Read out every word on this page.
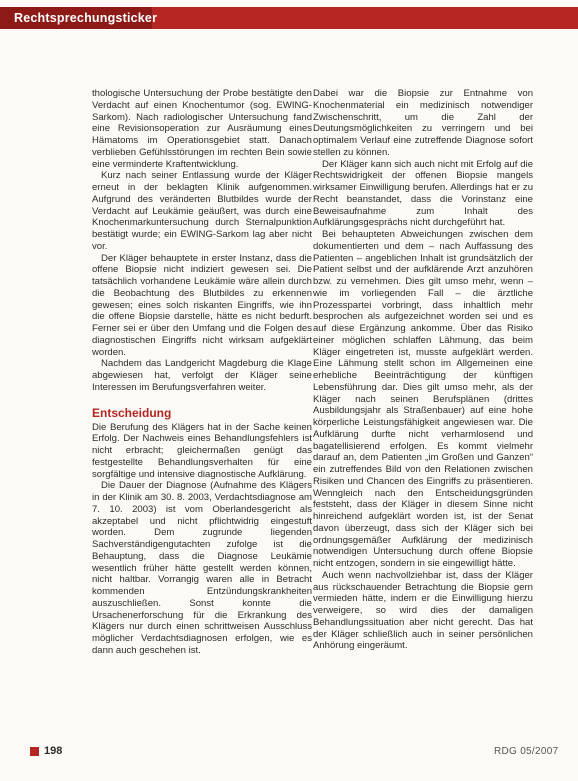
Rechtsprechungsticker

thologische Untersuchung der Probe bestätigte den Verdacht auf einen Knochentumor (sog. EWING-Sarkom). Nach radiologischer Untersuchung fand eine Revisionsoperation zur Ausräumung eines Hämatoms im Operationsgebiet statt. Danach verblieben Gefühlsstörungen im rechten Bein sowie eine verminderte Kraftentwicklung.

Kurz nach seiner Entlassung wurde der Kläger erneut in der beklagten Klinik aufgenommen. Aufgrund des veränderten Blutbildes wurde der Verdacht auf Leukämie geäußert, was durch eine Knochenmarkuntersuchung durch Sternalpunktion bestätigt wurde; ein EWING-Sarkom lag aber nicht vor.

Der Kläger behauptete in erster Instanz, dass die offene Biopsie nicht indiziert gewesen sei. Die tatsächlich vorhandene Leukämie wäre allein durch die Beobachtung des Blutbildes zu erkennen gewesen; eines solch riskanten Eingriffs, wie ihn die offene Biopsie darstelle, hätte es nicht bedurft. Ferner sei er über den Umfang und die Folgen des diagnostischen Eingriffs nicht wirksam aufgeklärt worden.

Nachdem das Landgericht Magdeburg die Klage abgewiesen hat, verfolgt der Kläger seine Interessen im Berufungsverfahren weiter.

Entscheidung

Die Berufung des Klägers hat in der Sache keinen Erfolg. Der Nachweis eines Behandlungsfehlers ist nicht erbracht; gleichermaßen genügt das festgestellte Behandlungsverhalten für eine sorgfältige und intensive diagnostische Aufklärung.

Die Dauer der Diagnose (Aufnahme des Klägers in der Klinik am 30. 8. 2003, Verdachtsdiagnose am 7. 10. 2003) ist vom Oberlandesgericht als akzeptabel und nicht pflichtwidrig eingestuft worden. Dem zugrunde liegenden Sachverständigengutachten zufolge ist die Behauptung, dass die Diagnose Leukämie wesentlich früher hätte gestellt werden können, nicht haltbar. Vorrangig waren alle in Betracht kommenden Entzündungskrankheiten auszuschließen. Sonst konnte die Ursachenerforschung für die Erkrankung des Klägers nur durch einen schrittweisen Ausschluss möglicher Verdachtsdiagnosen erfolgen, wie es dann auch geschehen ist.

Dabei war die Biopsie zur Entnahme von Knochenmaterial ein medizinisch notwendiger Zwischenschritt, um die Zahl der Deutungsmöglichkeiten zu verringern und bei optimalem Verlauf eine zutreffende Diagnose sofort stellen zu können.

Der Kläger kann sich auch nicht mit Erfolg auf die Rechtswidrigkeit der offenen Biopsie mangels wirksamer Einwilligung berufen. Allerdings hat er zu Recht beanstandet, dass die Vorinstanz eine Beweisaufnahme zum Inhalt des Aufklärungsgesprächs nicht durchgeführt hat.

Bei behaupteten Abweichungen zwischen dem dokumentierten und dem – nach Auffassung des Patienten – angeblichen Inhalt ist grundsätzlich der Patient selbst und der aufklärende Arzt anzuhören bzw. zu vernehmen. Dies gilt umso mehr, wenn – wie im vorliegenden Fall – die ärztliche Prozesspartei vorbringt, dass inhaltlich mehr besprochen als aufgezeichnet worden sei und es auf diese Ergänzung ankomme. Über das Risiko einer möglichen schlaffen Lähmung, das beim Kläger eingetreten ist, musste aufgeklärt werden. Eine Lähmung stellt schon im Allgemeinen eine erhebliche Beeinträchtigung der künftigen Lebensführung dar. Dies gilt umso mehr, als der Kläger nach seinen Berufsplänen (drittes Ausbildungsjahr als Straßenbauer) auf eine hohe körperliche Leistungsfähigkeit angewiesen war. Die Aufklärung durfte nicht verharmlosend und bagatellisierend erfolgen. Es kommt vielmehr darauf an, dem Patienten „im Großen und Ganzen“ ein zutreffendes Bild von den Relationen zwischen Risiken und Chancen des Eingriffs zu präsentieren. Wenngleich nach den Entscheidungsgründen feststeht, dass der Kläger in diesem Sinne nicht hinreichend aufgeklärt worden ist, ist der Senat davon überzeugt, dass sich der Kläger sich bei ordnungsgemäßer Aufklärung der medizinisch notwendigen Untersuchung durch offene Biopsie nicht entzogen, sondern in sie eingewilligt hätte.

Auch wenn nachvollziehbar ist, dass der Kläger aus rückschauender Betrachtung die Biopsie gern vermieden hätte, indem er die Einwilligung hierzu verweigere, so wird dies der damaligen Behandlungssituation aber nicht gerecht. Das hat der Kläger schließlich auch in seiner persönlichen Anhörung eingeräumt.

198	RDG 05/2007
